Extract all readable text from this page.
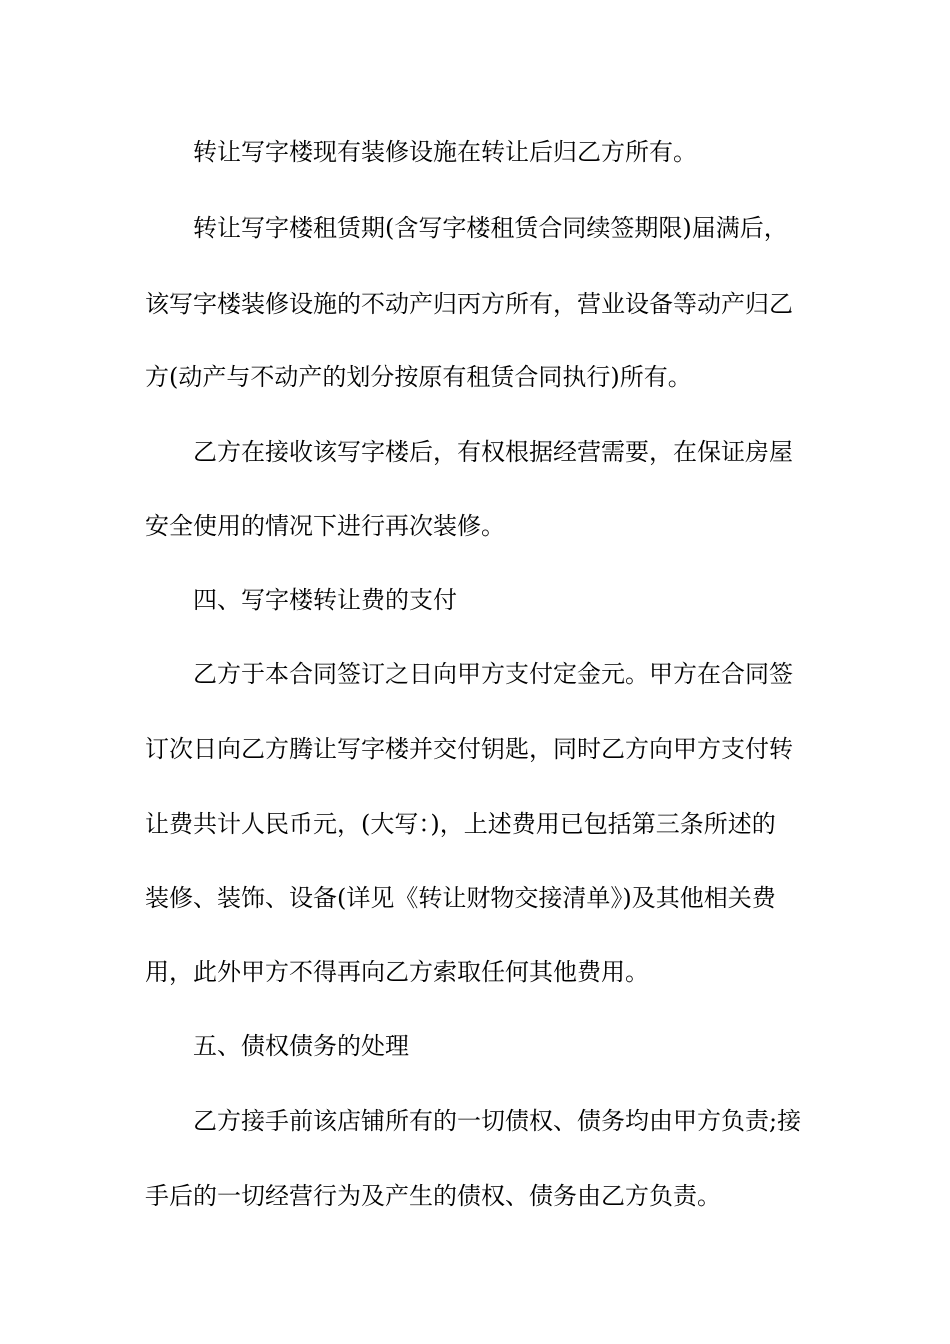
转让写字楼现有装修设施在转让后归乙方所有。
转让写字楼租赁期(含写字楼租赁合同续签期限)届满后，
该写字楼装修设施的不动产归丙方所有，营业设备等动产归乙
方(动产与不动产的划分按原有租赁合同执行)所有。
乙方在接收该写字楼后，有权根据经营需要，在保证房屋
安全使用的情况下进行再次装修。
四、写字楼转让费的支付
乙方于本合同签订之日向甲方支付定金元。甲方在合同签
订次日向乙方腾让写字楼并交付钥匙，同时乙方向甲方支付转
让费共计人民币元，(大写：)，上述费用已包括第三条所述的
装修、装饰、设备(详见《转让财物交接清单》)及其他相关费
用，此外甲方不得再向乙方索取任何其他费用。
五、债权债务的处理
乙方接手前该店铺所有的一切债权、债务均由甲方负责;接
手后的一切经营行为及产生的债权、债务由乙方负责。
